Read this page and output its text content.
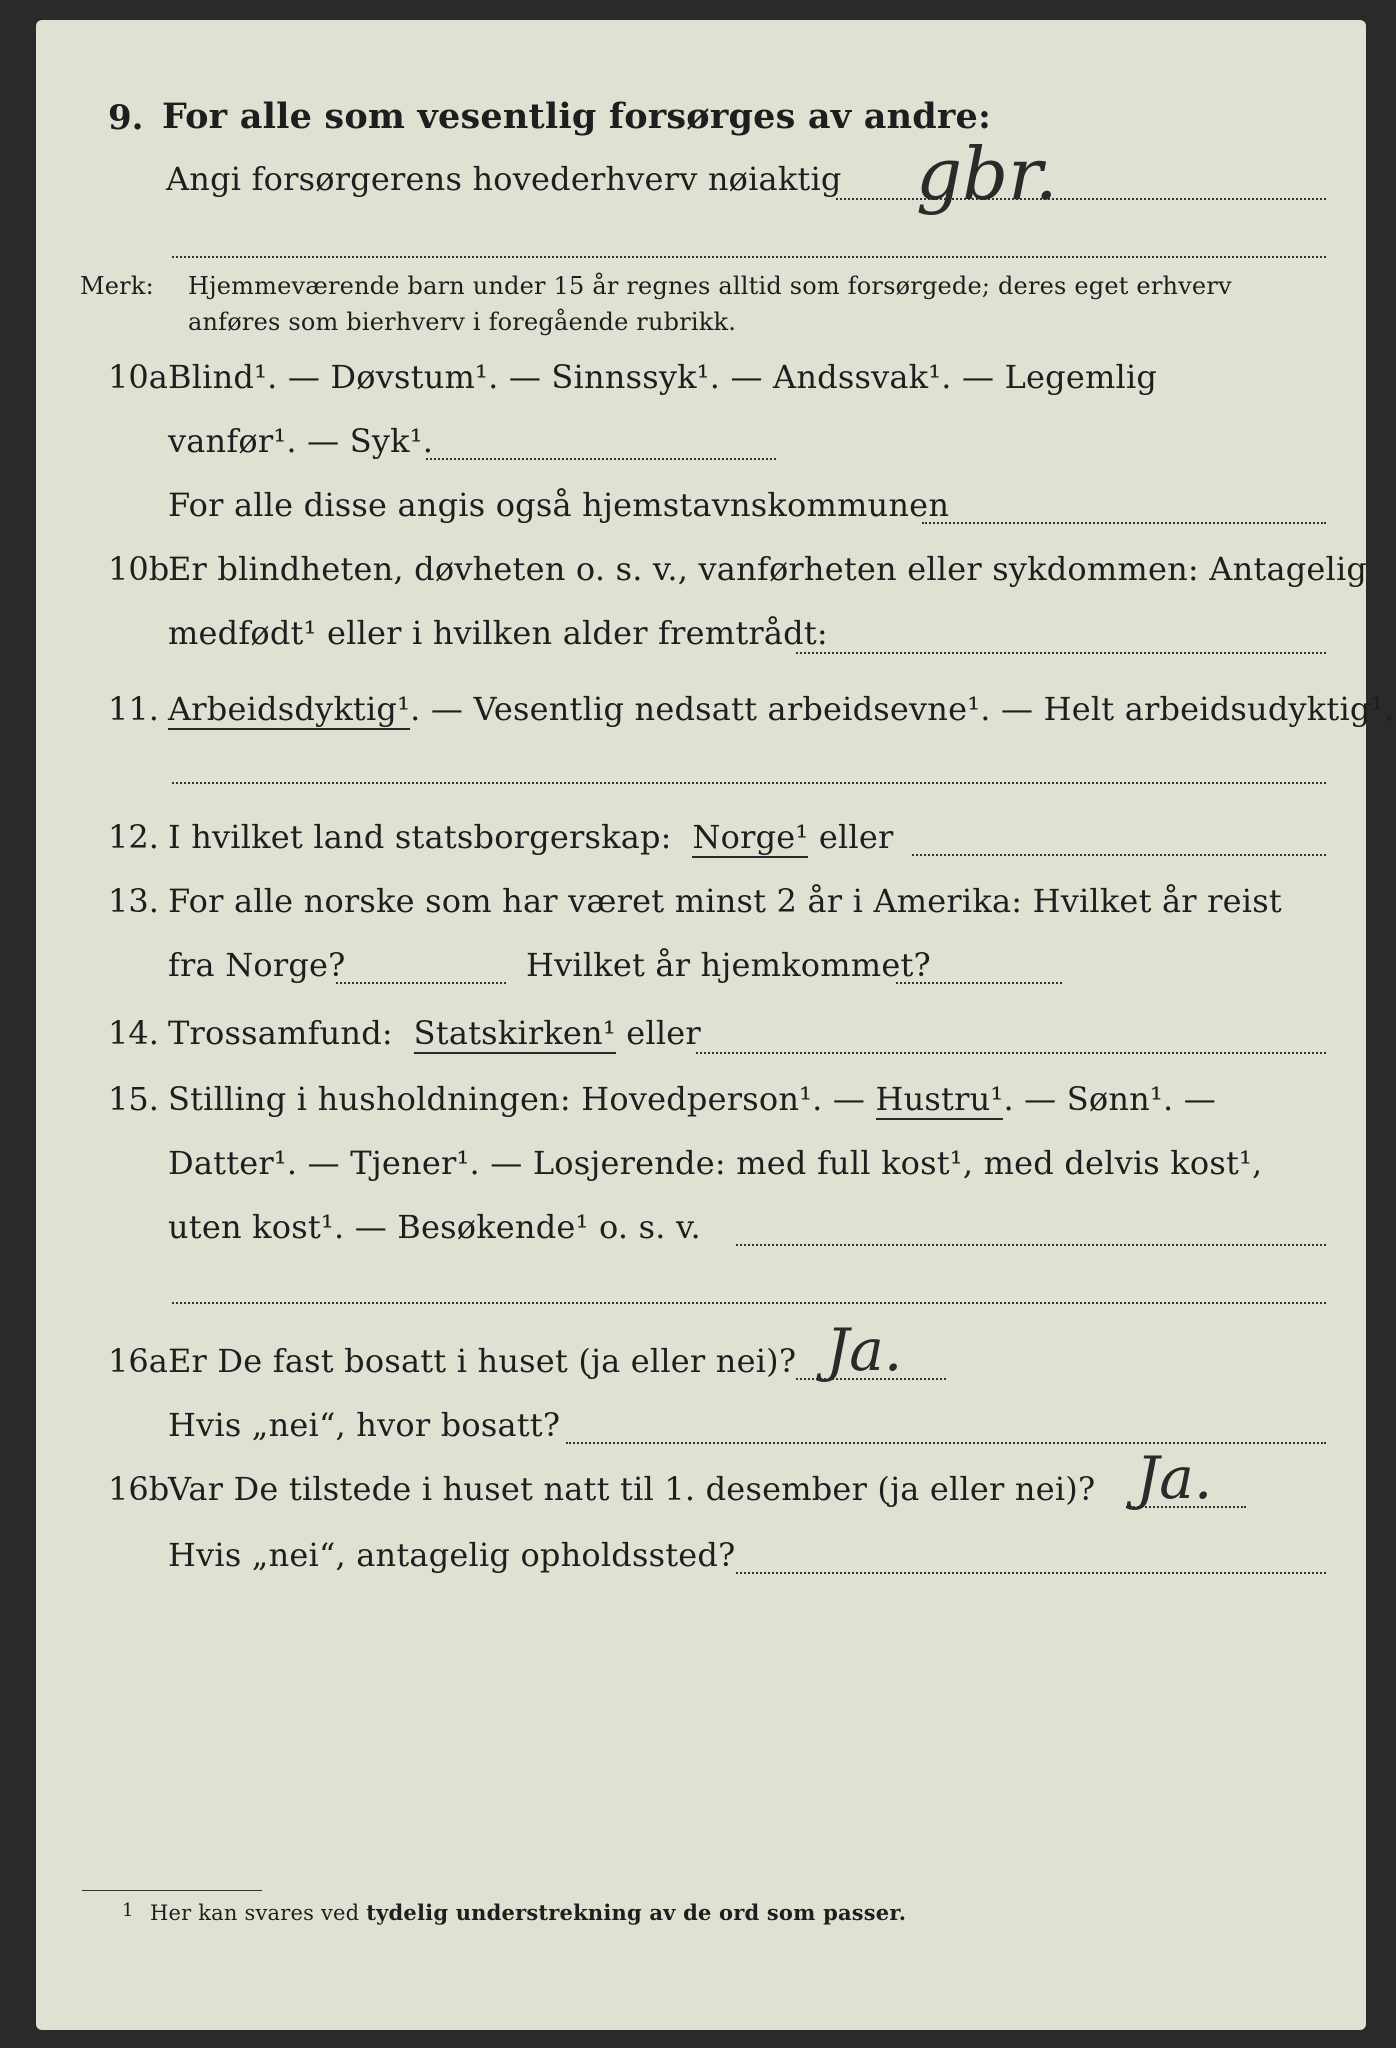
9. For alle som vesentlig forsørges av andre:
Angi forsørgerens hovederhverv nøiaktig gbr.
Merk: Hjemmeværende barn under 15 år regnes alltid som forsørgede; deres eget erhverv
anføres som bierhverv i foregående rubrikk.
10a Blind¹. — Døvstum¹. — Sinnssyk¹. — Andssvak¹. — Legemlig
vanfør¹. — Syk¹.
For alle disse angis også hjemstavnskommunen
10b
Er blindheten, døvheten o. s. v., vanførheten eller sykdommen: Antagelig
medfødt¹ eller i hvilken alder fremtrådt:
11. Arbeidsdyktig¹. — Vesentlig nedsatt arbeidsevne¹. — Helt arbeidsudyktig¹.
12. I hvilket land statsborgerskap: Norge¹ eller
13. For alle norske som har været minst 2 år i Amerika: Hvilket år reist
fra Norge?	Hvilket år hjemkommet?
14. Trossamfund: Statskirken¹ eller
15. Stilling i husholdningen: Hovedperson¹. — Hustru¹. — Sønn¹. —
Datter¹. — Tjener¹. — Losjerende: med full kost¹, med delvis kost¹,
uten kost¹. — Besøkende¹ o. s. v.
16a Er De fast bosatt i huset (ja eller nei)? Ja.
Hvis „nei“, hvor bosatt?
16b
Var De tilstede i huset natt til 1. desember (ja eller nei)? Ja.
Hvis „nei“, antagelig opholdssted?
1 Her kan svares ved tydelig understrekning av de ord som passer.
